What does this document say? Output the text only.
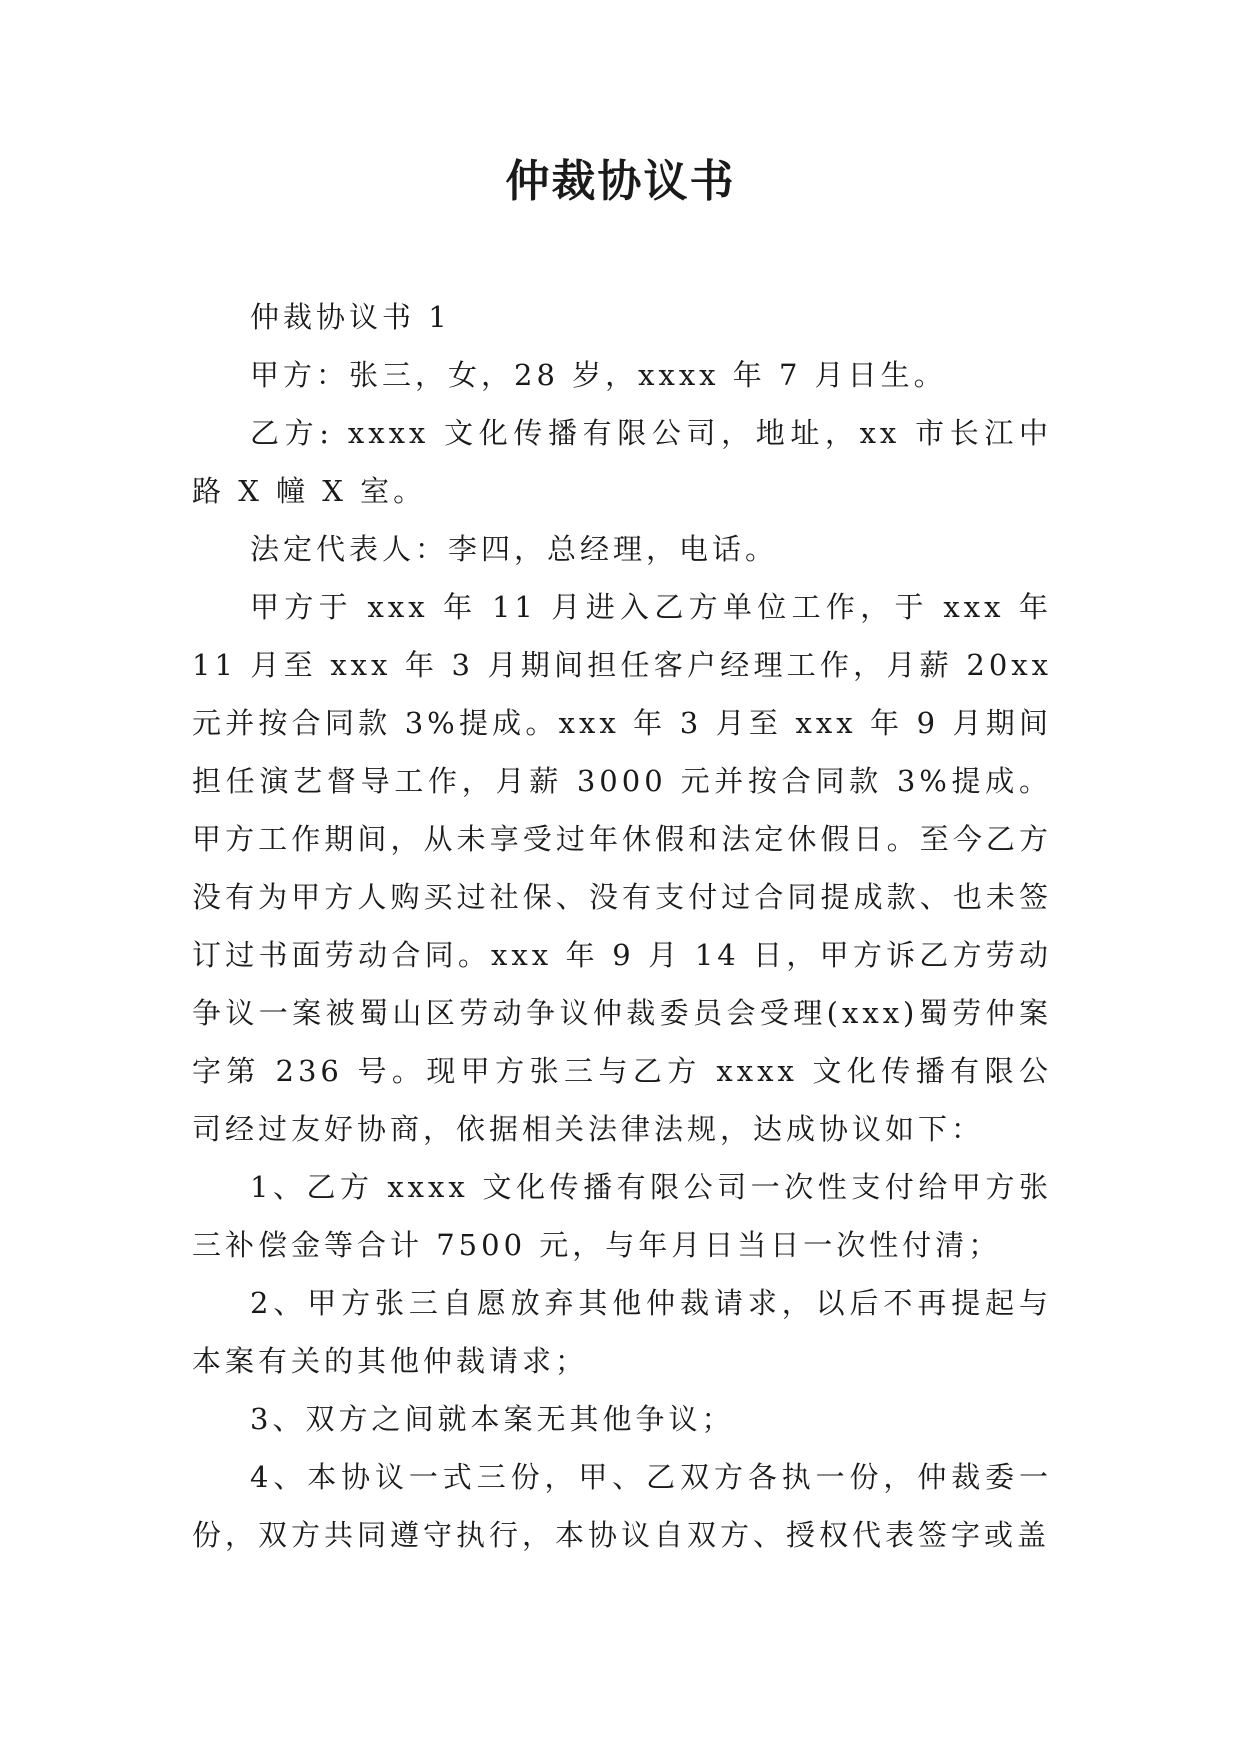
仲裁协议书

仲裁协议书 1

甲方：张三，女，28 岁，xxxx 年 7 月日生。

乙方: xxxx 文化传播有限公司，地址，xx 市长江中路 X 幢 X 室。

法定代表人：李四，总经理，电话。

甲方于 xxx 年 11 月进入乙方单位工作，于 xxx 年 11 月至 xxx 年 3 月期间担任客户经理工作，月薪 20xx 元并按合同款 3%提成。xxx 年 3 月至 xxx 年 9 月期间担任演艺督导工作，月薪 3000 元并按合同款 3%提成。甲方工作期间，从未享受过年休假和法定休假日。至今乙方没有为甲方人购买过社保、没有支付过合同提成款、也未签订过书面劳动合同。xxx 年 9 月 14 日，甲方诉乙方劳动争议一案被蜀山区劳动争议仲裁委员会受理(xxx)蜀劳仲案字第 236 号。现甲方张三与乙方 xxxx 文化传播有限公司经过友好协商，依据相关法律法规，达成协议如下：

1、乙方 xxxx 文化传播有限公司一次性支付给甲方张三补偿金等合计 7500 元，与年月日当日一次性付清；

2、甲方张三自愿放弃其他仲裁请求，以后不再提起与本案有关的其他仲裁请求；

3、双方之间就本案无其他争议；

4、本协议一式三份，甲、乙双方各执一份，仲裁委一份，双方共同遵守执行，本协议自双方、授权代表签字或盖
